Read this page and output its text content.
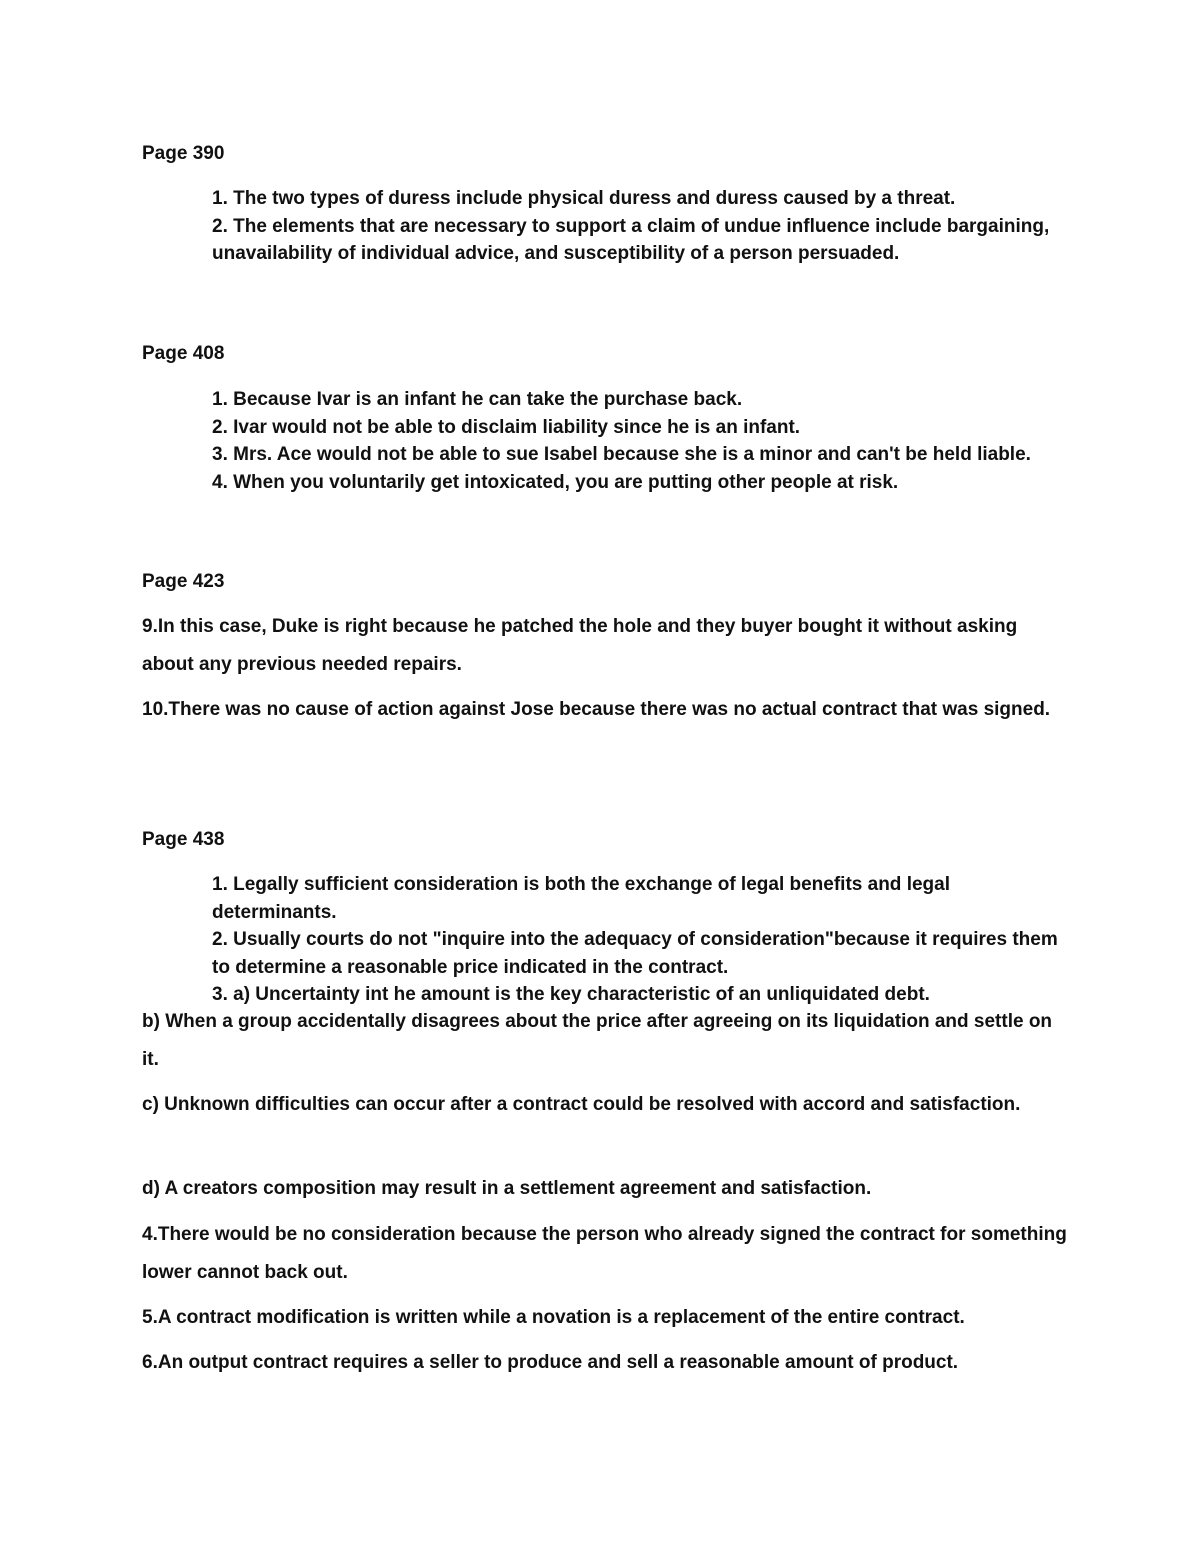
Page 390
1. The two types of duress include physical duress and duress caused by a threat.
2. The elements that are necessary to support a claim of undue influence include bargaining, unavailability of individual advice, and susceptibility of a person persuaded.
Page 408
1. Because Ivar is an infant he can take the purchase back.
2. Ivar would not be able to disclaim liability since he is an infant.
3. Mrs. Ace would not be able to sue Isabel because she is a minor and can't be held liable.
4. When you voluntarily get intoxicated, you are putting other people at risk.
Page 423

9.In this case, Duke is right because he patched the hole and they buyer bought it without asking about any previous needed repairs.

10.There was no cause of action against Jose because there was no actual contract that was signed.

Page 438
1. Legally sufficient consideration is both the exchange of legal benefits and legal determinants.
2. Usually courts do not "inquire into the adequacy of consideration"because it requires them to determine a reasonable price indicated in the contract.
3. a) Uncertainty int he amount is the key characteristic of an unliquidated debt.

b) When a group accidentally disagrees about the price after agreeing on its liquidation and settle on it.

c) Unknown difficulties can occur after a contract could be resolved with accord and satisfaction.

d) A creators composition may result in a settlement agreement and satisfaction.

4.There would be no consideration because the person who already signed the contract for something lower cannot back out.

5.A contract modification is written while a novation is a replacement of the entire contract.

6.An output contract requires a seller to produce and sell a reasonable amount of product.
